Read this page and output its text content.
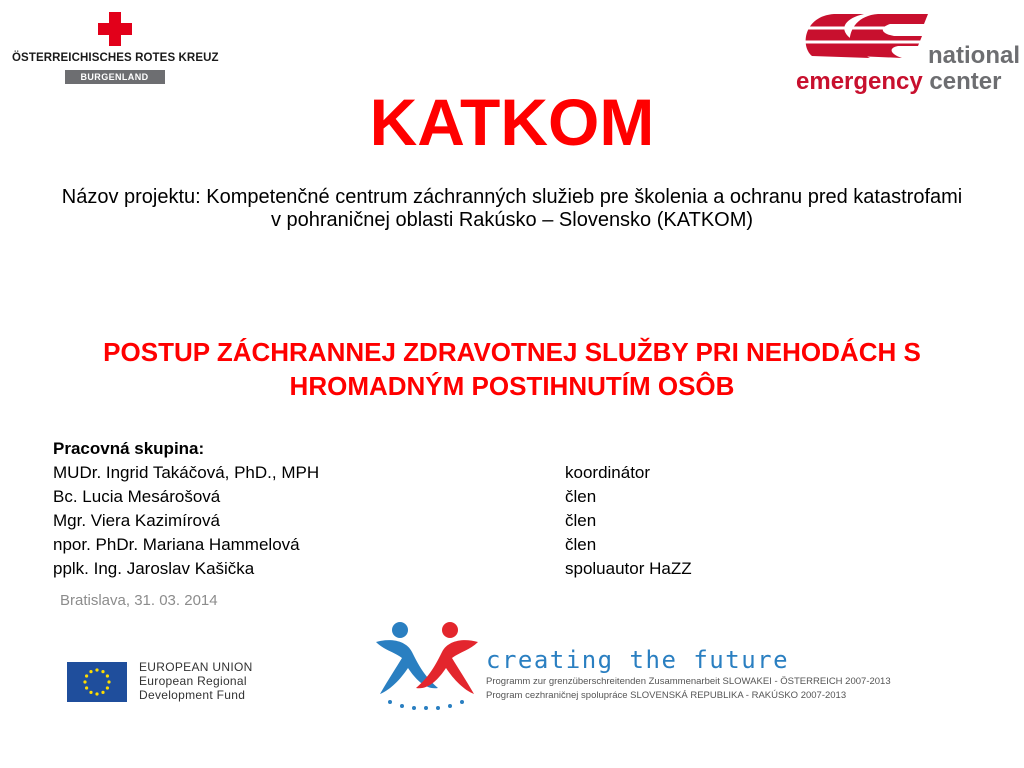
ÖSTERREICHISCHES ROTES KREUZ
BURGENLAND
national
emergency center
KATKOM
Názov projektu: Kompetenčné centrum záchranných služieb pre školenia a ochranu pred katastrofami v pohraničnej oblasti Rakúsko – Slovensko (KATKOM)
POSTUP ZÁCHRANNEJ ZDRAVOTNEJ SLUŽBY PRI NEHODÁCH S HROMADNÝM POSTIHNUTÍM OSÔB
Pracovná skupina:
MUDr. Ingrid Takáčová, PhD., MPH	koordinátor
Bc. Lucia Mesárošová	člen
Mgr. Viera Kazimírová	člen
npor. PhDr. Mariana Hammelová	člen
pplk. Ing. Jaroslav Kašička	spoluautor HaZZ
Bratislava, 31. 03. 2014
EUROPEAN UNION
European Regional
Development Fund
creating the future
Programm zur grenzüberschreitenden Zusammenarbeit SLOWAKEI - ÖSTERREICH 2007-2013
Program cezhraničnej spolupráce SLOVENSKÁ REPUBLIKA - RAKÚSKO 2007-2013
